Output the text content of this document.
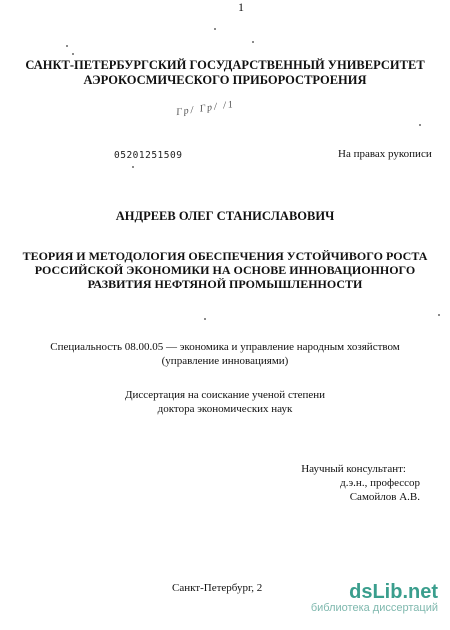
1
САНКТ-ПЕТЕРБУРГСКИЙ ГОСУДАРСТВЕННЫЙ УНИВЕРСИТЕТ
АЭРОКОСМИЧЕСКОГО ПРИБОРОСТРОЕНИЯ
Гр/ Гр/ /1
05201251509	На правах рукописи
АНДРЕЕВ ОЛЕГ СТАНИСЛАВОВИЧ
ТЕОРИЯ И МЕТОДОЛОГИЯ ОБЕСПЕЧЕНИЯ УСТОЙЧИВОГО РОСТА
РОССИЙСКОЙ ЭКОНОМИКИ НА ОСНОВЕ ИННОВАЦИОННОГО
РАЗВИТИЯ НЕФТЯНОЙ ПРОМЫШЛЕННОСТИ
Специальность 08.00.05 — экономика и управление народным хозяйством
(управление инновациями)
Диссертация на соискание ученой степени
доктора экономических наук
Научный консультант:
д.э.н., профессор
Самойлов А.В.
Санкт-Петербург, 2	dsLib.net
библиотека диссертаций
